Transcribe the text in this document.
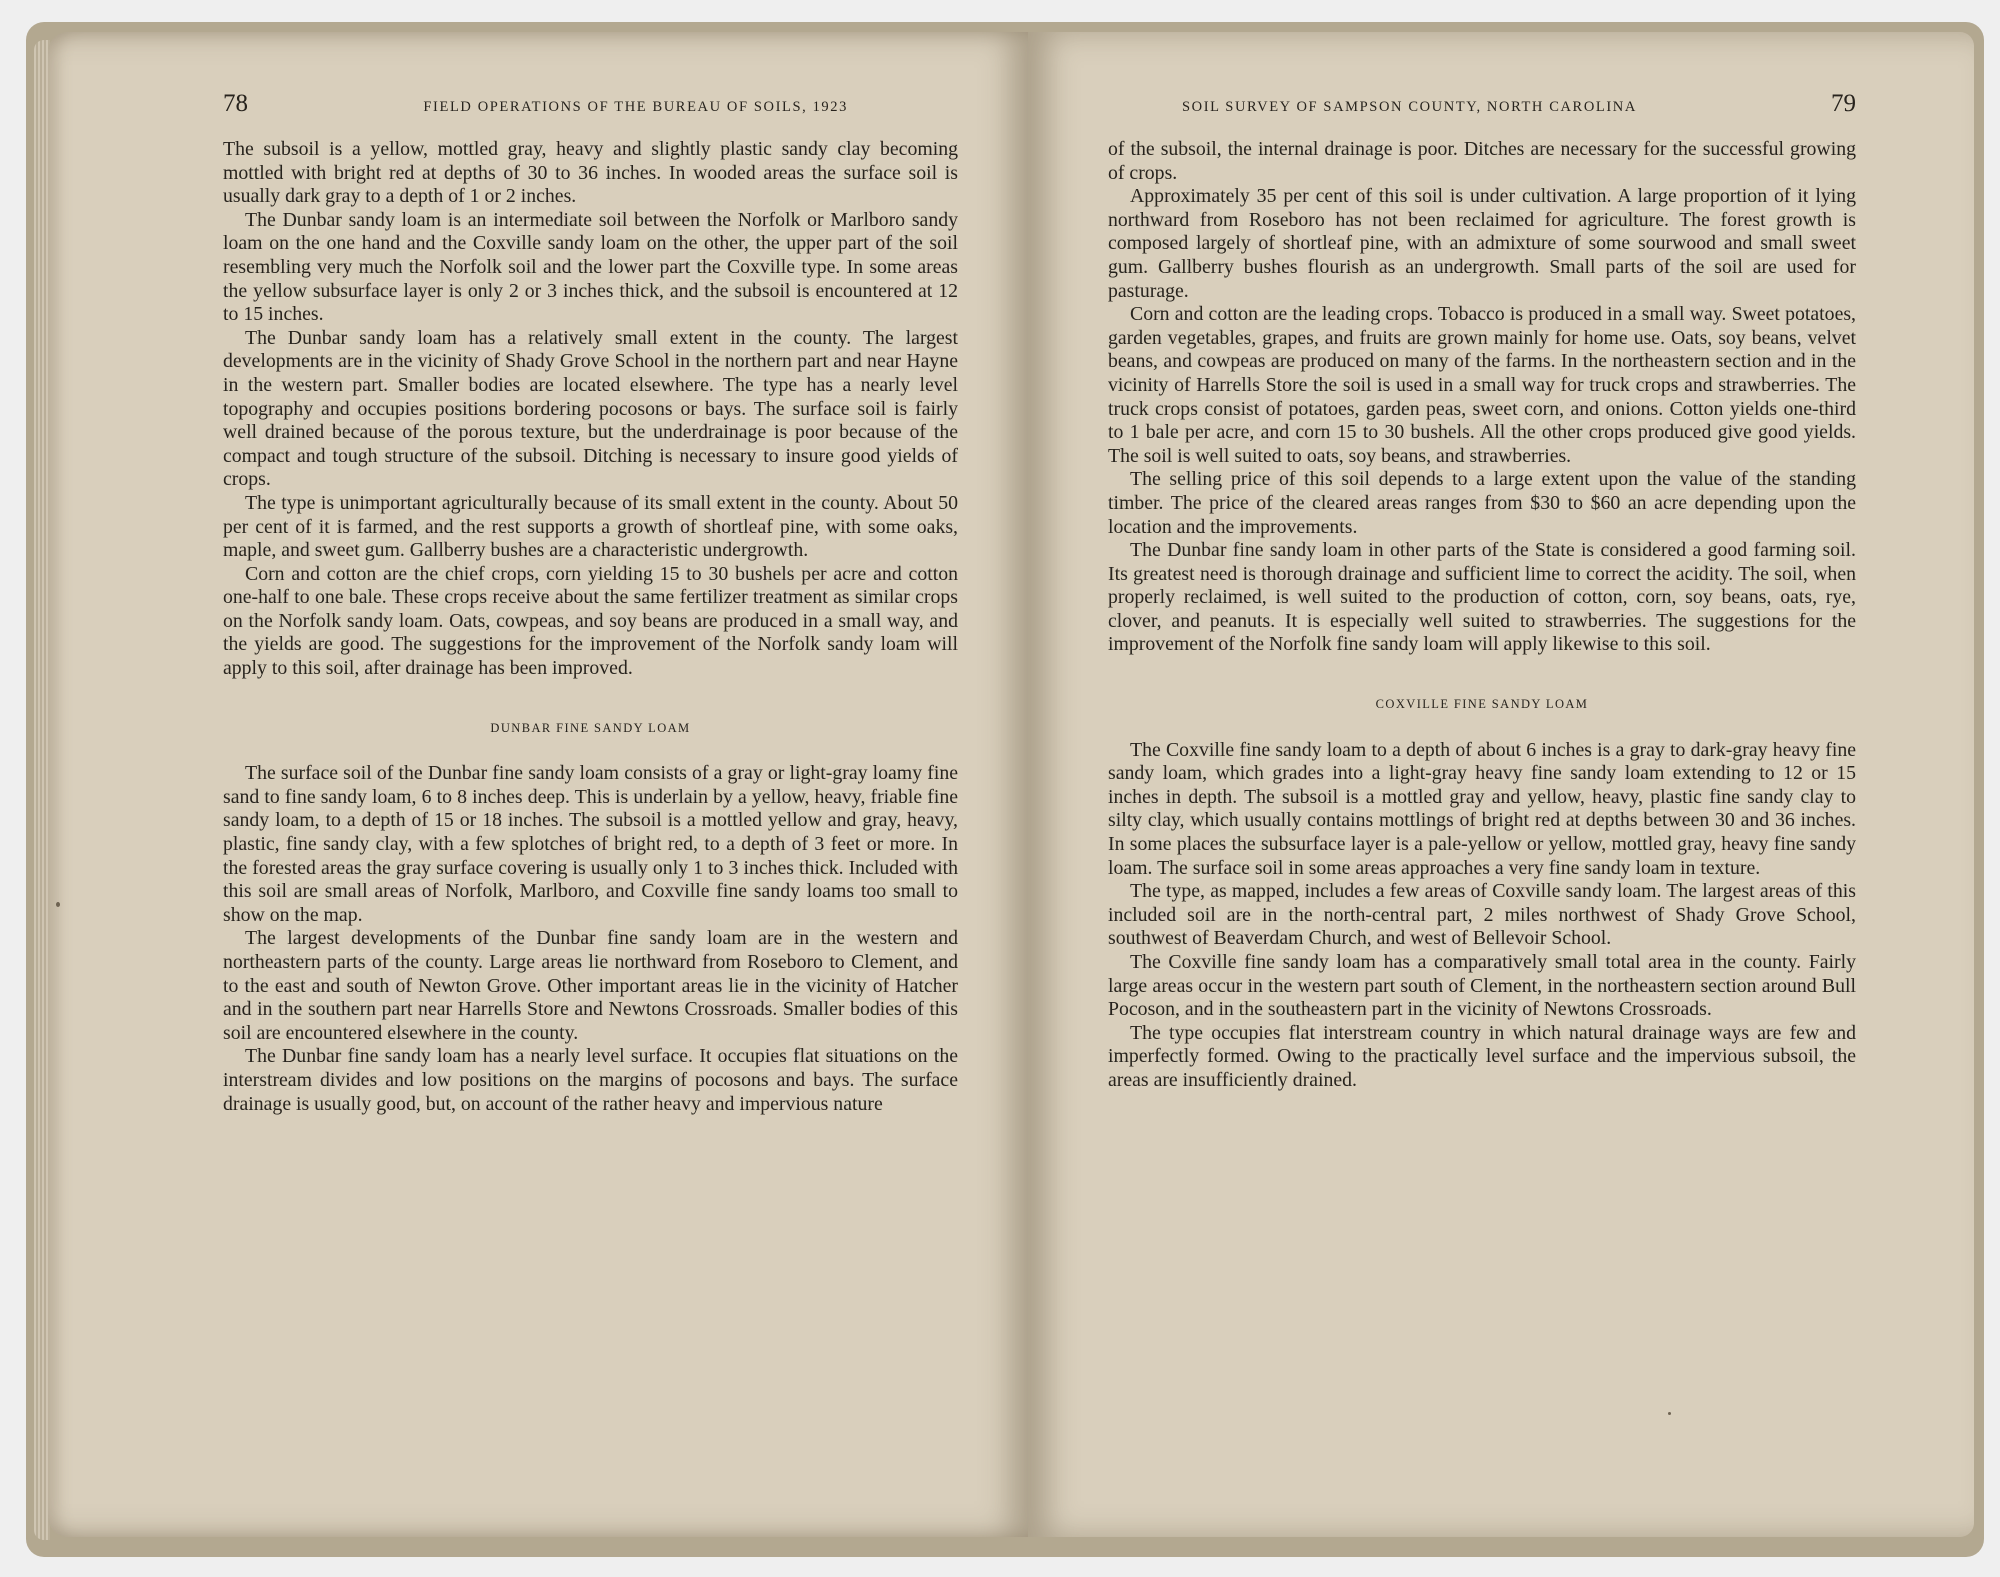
78	FIELD OPERATIONS OF THE BUREAU OF SOILS, 1923

The subsoil is a yellow, mottled gray, heavy and slightly plastic sandy clay becoming mottled with bright red at depths of 30 to 36 inches. In wooded areas the surface soil is usually dark gray to a depth of 1 or 2 inches.

The Dunbar sandy loam is an intermediate soil between the Norfolk or Marlboro sandy loam on the one hand and the Coxville sandy loam on the other, the upper part of the soil resembling very much the Norfolk soil and the lower part the Coxville type. In some areas the yellow subsurface layer is only 2 or 3 inches thick, and the subsoil is encountered at 12 to 15 inches.

The Dunbar sandy loam has a relatively small extent in the county. The largest developments are in the vicinity of Shady Grove School in the northern part and near Hayne in the western part. Smaller bodies are located elsewhere. The type has a nearly level topography and occupies positions bordering pocosons or bays. The surface soil is fairly well drained because of the porous texture, but the underdrainage is poor because of the compact and tough structure of the subsoil. Ditching is necessary to insure good yields of crops.

The type is unimportant agriculturally because of its small extent in the county. About 50 per cent of it is farmed, and the rest supports a growth of shortleaf pine, with some oaks, maple, and sweet gum. Gallberry bushes are a characteristic undergrowth.

Corn and cotton are the chief crops, corn yielding 15 to 30 bushels per acre and cotton one-half to one bale. These crops receive about the same fertilizer treatment as similar crops on the Norfolk sandy loam. Oats, cowpeas, and soy beans are produced in a small way, and the yields are good. The suggestions for the improvement of the Norfolk sandy loam will apply to this soil, after drainage has been improved.

DUNBAR FINE SANDY LOAM

The surface soil of the Dunbar fine sandy loam consists of a gray or light-gray loamy fine sand to fine sandy loam, 6 to 8 inches deep. This is underlain by a yellow, heavy, friable fine sandy loam, to a depth of 15 or 18 inches. The subsoil is a mottled yellow and gray, heavy, plastic, fine sandy clay, with a few splotches of bright red, to a depth of 3 feet or more. In the forested areas the gray surface covering is usually only 1 to 3 inches thick. Included with this soil are small areas of Norfolk, Marlboro, and Coxville fine sandy loams too small to show on the map.

The largest developments of the Dunbar fine sandy loam are in the western and northeastern parts of the county. Large areas lie northward from Roseboro to Clement, and to the east and south of Newton Grove. Other important areas lie in the vicinity of Hatcher and in the southern part near Harrells Store and Newtons Crossroads. Smaller bodies of this soil are encountered elsewhere in the county.

The Dunbar fine sandy loam has a nearly level surface. It occupies flat situations on the interstream divides and low positions on the margins of pocosons and bays. The surface drainage is usually good, but, on account of the rather heavy and impervious nature

SOIL SURVEY OF SAMPSON COUNTY, NORTH CAROLINA	79

of the subsoil, the internal drainage is poor. Ditches are necessary for the successful growing of crops.

Approximately 35 per cent of this soil is under cultivation. A large proportion of it lying northward from Roseboro has not been reclaimed for agriculture. The forest growth is composed largely of shortleaf pine, with an admixture of some sourwood and small sweet gum. Gallberry bushes flourish as an undergrowth. Small parts of the soil are used for pasturage.

Corn and cotton are the leading crops. Tobacco is produced in a small way. Sweet potatoes, garden vegetables, grapes, and fruits are grown mainly for home use. Oats, soy beans, velvet beans, and cowpeas are produced on many of the farms. In the northeastern section and in the vicinity of Harrells Store the soil is used in a small way for truck crops and strawberries. The truck crops consist of potatoes, garden peas, sweet corn, and onions. Cotton yields one-third to 1 bale per acre, and corn 15 to 30 bushels. All the other crops produced give good yields. The soil is well suited to oats, soy beans, and strawberries.

The selling price of this soil depends to a large extent upon the value of the standing timber. The price of the cleared areas ranges from $30 to $60 an acre depending upon the location and the improvements.

The Dunbar fine sandy loam in other parts of the State is considered a good farming soil. Its greatest need is thorough drainage and sufficient lime to correct the acidity. The soil, when properly reclaimed, is well suited to the production of cotton, corn, soy beans, oats, rye, clover, and peanuts. It is especially well suited to strawberries. The suggestions for the improvement of the Norfolk fine sandy loam will apply likewise to this soil.

COXVILLE FINE SANDY LOAM

The Coxville fine sandy loam to a depth of about 6 inches is a gray to dark-gray heavy fine sandy loam, which grades into a light-gray heavy fine sandy loam extending to 12 or 15 inches in depth. The subsoil is a mottled gray and yellow, heavy, plastic fine sandy clay to silty clay, which usually contains mottlings of bright red at depths between 30 and 36 inches. In some places the subsurface layer is a pale-yellow or yellow, mottled gray, heavy fine sandy loam. The surface soil in some areas approaches a very fine sandy loam in texture.

The type, as mapped, includes a few areas of Coxville sandy loam. The largest areas of this included soil are in the north-central part, 2 miles northwest of Shady Grove School, southwest of Beaverdam Church, and west of Bellevoir School.

The Coxville fine sandy loam has a comparatively small total area in the county. Fairly large areas occur in the western part south of Clement, in the northeastern section around Bull Pocoson, and in the southeastern part in the vicinity of Newtons Crossroads.

The type occupies flat interstream country in which natural drainage ways are few and imperfectly formed. Owing to the practically level surface and the impervious subsoil, the areas are insufficiently drained.
